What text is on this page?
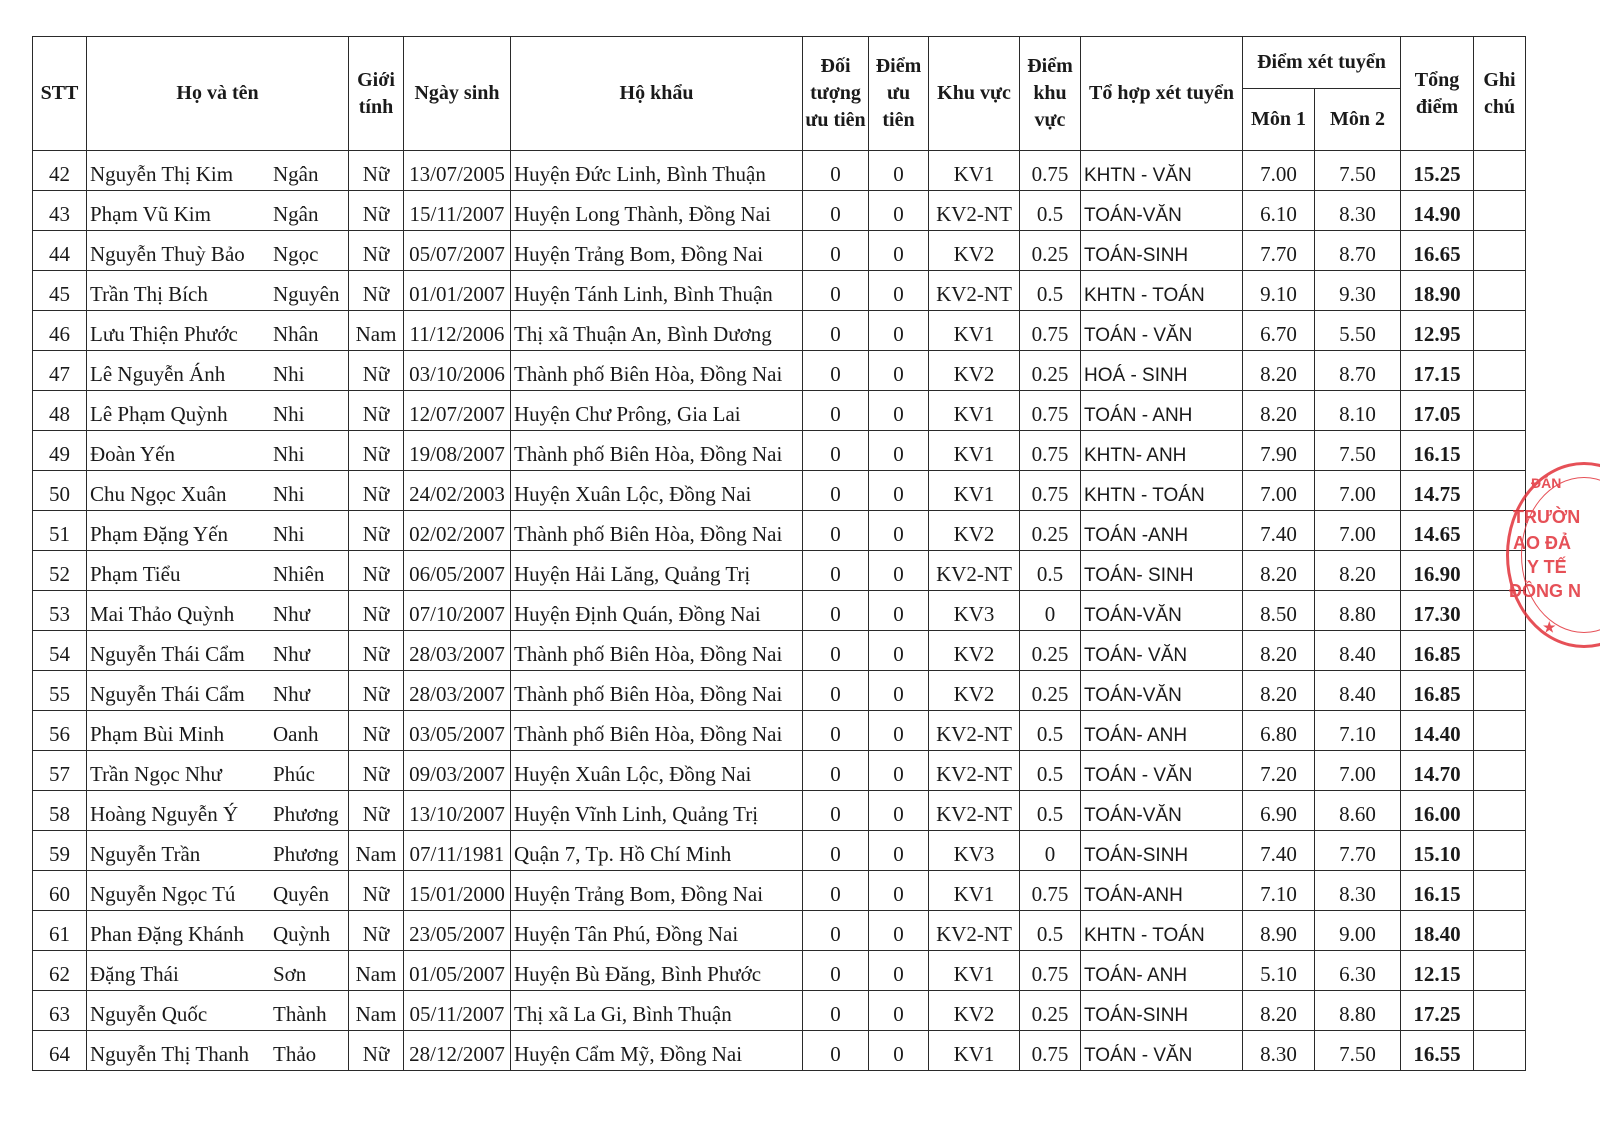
STT	Họ và tên	Giới tính	Ngày sinh	Hộ khẩu	Đối tượng ưu tiên	Điểm ưu tiên	Khu vực	Điểm khu vực	Tổ hợp xét tuyển	Điểm xét tuyển		Tổng điểm	Ghi chú
										Môn 1	Môn 2		
42	Nguyễn Thị Kim Ngân	Nữ	13/07/2005	Huyện Đức Linh, Bình Thuận	0	0	KV1	0.75	KHTN - VĂN	7.00	7.50	15.25	
43	Phạm Vũ Kim Ngân	Nữ	15/11/2007	Huyện Long Thành, Đồng Nai	0	0	KV2-NT	0.5	TOÁN-VĂN	6.10	8.30	14.90	
44	Nguyễn Thuỳ Bảo Ngọc	Nữ	05/07/2007	Huyện Trảng Bom, Đồng Nai	0	0	KV2	0.25	TOÁN-SINH	7.70	8.70	16.65	
45	Trần Thị Bích Nguyên	Nữ	01/01/2007	Huyện Tánh Linh, Bình Thuận	0	0	KV2-NT	0.5	KHTN - TOÁN	9.10	9.30	18.90	
46	Lưu Thiện Phước Nhân	Nam	11/12/2006	Thị xã Thuận An, Bình Dương	0	0	KV1	0.75	TOÁN - VĂN	6.70	5.50	12.95	
47	Lê Nguyễn Ánh Nhi	Nữ	03/10/2006	Thành phố Biên Hòa, Đồng Nai	0	0	KV2	0.25	HOÁ - SINH	8.20	8.70	17.15	
48	Lê Phạm Quỳnh Nhi	Nữ	12/07/2007	Huyện Chư Prông, Gia Lai	0	0	KV1	0.75	TOÁN - ANH	8.20	8.10	17.05	
49	Đoàn Yến Nhi	Nữ	19/08/2007	Thành phố Biên Hòa, Đồng Nai	0	0	KV1	0.75	KHTN- ANH	7.90	7.50	16.15	
50	Chu Ngọc Xuân Nhi	Nữ	24/02/2003	Huyện Xuân Lộc, Đồng Nai	0	0	KV1	0.75	KHTN - TOÁN	7.00	7.00	14.75	
51	Phạm Đặng Yến Nhi	Nữ	02/02/2007	Thành phố Biên Hòa, Đồng Nai	0	0	KV2	0.25	TOÁN -ANH	7.40	7.00	14.65	
52	Phạm Tiểu Nhiên	Nữ	06/05/2007	Huyện Hải Lăng, Quảng Trị	0	0	KV2-NT	0.5	TOÁN- SINH	8.20	8.20	16.90	
53	Mai Thảo Quỳnh Như	Nữ	07/10/2007	Huyện Định Quán, Đồng Nai	0	0	KV3	0	TOÁN-VĂN	8.50	8.80	17.30	
54	Nguyễn Thái Cẩm Như	Nữ	28/03/2007	Thành phố Biên Hòa, Đồng Nai	0	0	KV2	0.25	TOÁN- VĂN	8.20	8.40	16.85	
55	Nguyễn Thái Cẩm Như	Nữ	28/03/2007	Thành phố Biên Hòa, Đồng Nai	0	0	KV2	0.25	TOÁN-VĂN	8.20	8.40	16.85	
56	Phạm Bùi Minh Oanh	Nữ	03/05/2007	Thành phố Biên Hòa, Đồng Nai	0	0	KV2-NT	0.5	TOÁN- ANH	6.80	7.10	14.40	
57	Trần Ngọc Như Phúc	Nữ	09/03/2007	Huyện Xuân Lộc, Đồng Nai	0	0	KV2-NT	0.5	TOÁN - VĂN	7.20	7.00	14.70	
58	Hoàng Nguyễn Ý Phương	Nữ	13/10/2007	Huyện Vĩnh Linh, Quảng Trị	0	0	KV2-NT	0.5	TOÁN-VĂN	6.90	8.60	16.00	
59	Nguyễn Trần Phương	Nam	07/11/1981	Quận 7, Tp. Hồ Chí Minh	0	0	KV3	0	TOÁN-SINH	7.40	7.70	15.10	
60	Nguyễn Ngọc Tú Quyên	Nữ	15/01/2000	Huyện Trảng Bom, Đồng Nai	0	0	KV1	0.75	TOÁN-ANH	7.10	8.30	16.15	
61	Phan Đặng Khánh Quỳnh	Nữ	23/05/2007	Huyện Tân Phú, Đồng Nai	0	0	KV2-NT	0.5	KHTN - TOÁN	8.90	9.00	18.40	
62	Đặng Thái Sơn	Nam	01/05/2007	Huyện Bù Đăng, Bình Phước	0	0	KV1	0.75	TOÁN- ANH	5.10	6.30	12.15	
63	Nguyễn Quốc Thành	Nam	05/11/2007	Thị xã La Gi, Bình Thuận	0	0	KV2	0.25	TOÁN-SINH	8.20	8.80	17.25	
64	Nguyễn Thị Thanh Thảo	Nữ	28/12/2007	Huyện Cẩm Mỹ, Đồng Nai	0	0	KV1	0.75	TOÁN - VĂN	8.30	7.50	16.55	
ĐẢN
TRƯỜN
AO ĐẢ
Y TẾ
ĐỒNG N
★
